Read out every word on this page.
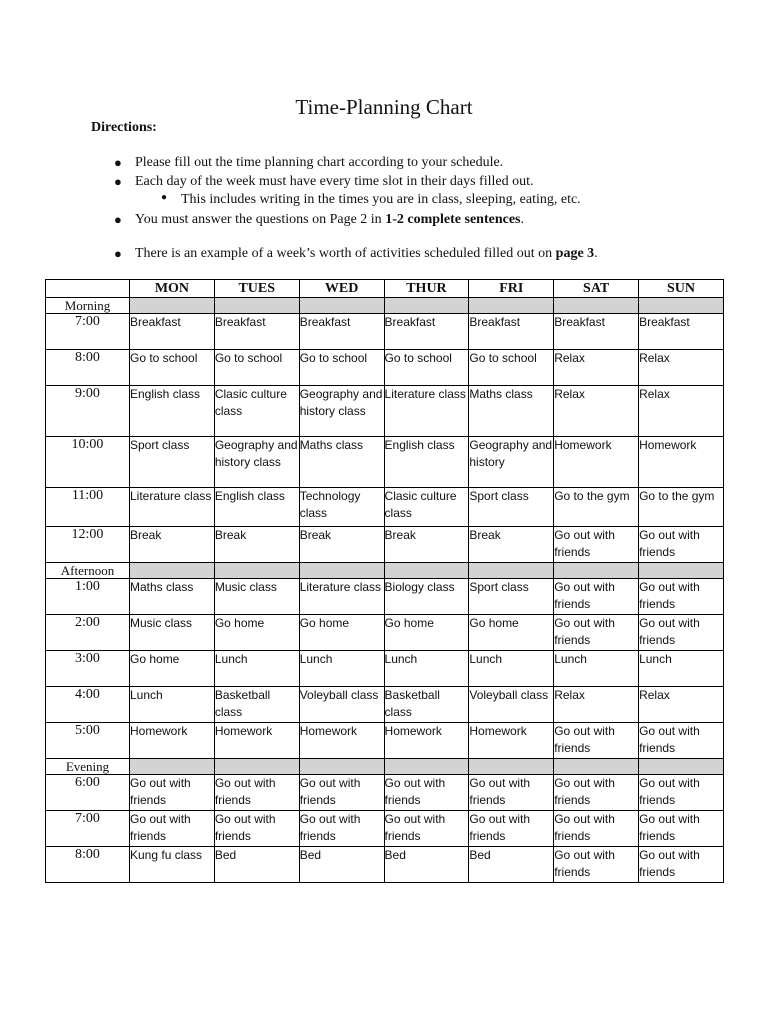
Time-Planning Chart
Directions:
● Please fill out the time planning chart according to your schedule.
● Each day of the week must have every time slot in their days filled out.
● This includes writing in the times you are in class, sleeping, eating, etc.
● You must answer the questions on Page 2 in 1-2 complete sentences.
● There is an example of a week’s worth of activities scheduled filled out on page 3.
	MON	TUES	WED	THUR	FRI	SAT	SUN
Morning							
7:00	Breakfast	Breakfast	Breakfast	Breakfast	Breakfast	Breakfast	Breakfast
8:00	Go to school	Go to school	Go to school	Go to school	Go to school	Relax	Relax
9:00	English class	Clasic culture class	Geography and history class	Literature class	Maths class	Relax	Relax
10:00	Sport class	Geography and history class	Maths class	English class	Geography and history	Homework	Homework
11:00	Literature class	English class	Technology class	Clasic culture class	Sport class	Go to the gym	Go to the gym
12:00	Break	Break	Break	Break	Break	Go out with friends	Go out with friends
Afternoon							
1:00	Maths class	Music class	Literature class	Biology class	Sport class	Go out with friends	Go out with friends
2:00	Music class	Go home	Go home	Go home	Go home	Go out with friends	Go out with friends
3:00	Go home	Lunch	Lunch	Lunch	Lunch	Lunch	Lunch
4:00	Lunch	Basketball class	Voleyball class	Basketball class	Voleyball class	Relax	Relax
5:00	Homework	Homework	Homework	Homework	Homework	Go out with friends	Go out with friends
Evening							
6:00	Go out with friends	Go out with friends	Go out with friends	Go out with friends	Go out with friends	Go out with friends	Go out with friends
7:00	Go out with friends	Go out with friends	Go out with friends	Go out with friends	Go out with friends	Go out with friends	Go out with friends
8:00	Kung fu class	Bed	Bed	Bed	Bed	Go out with friends	Go out with friends
